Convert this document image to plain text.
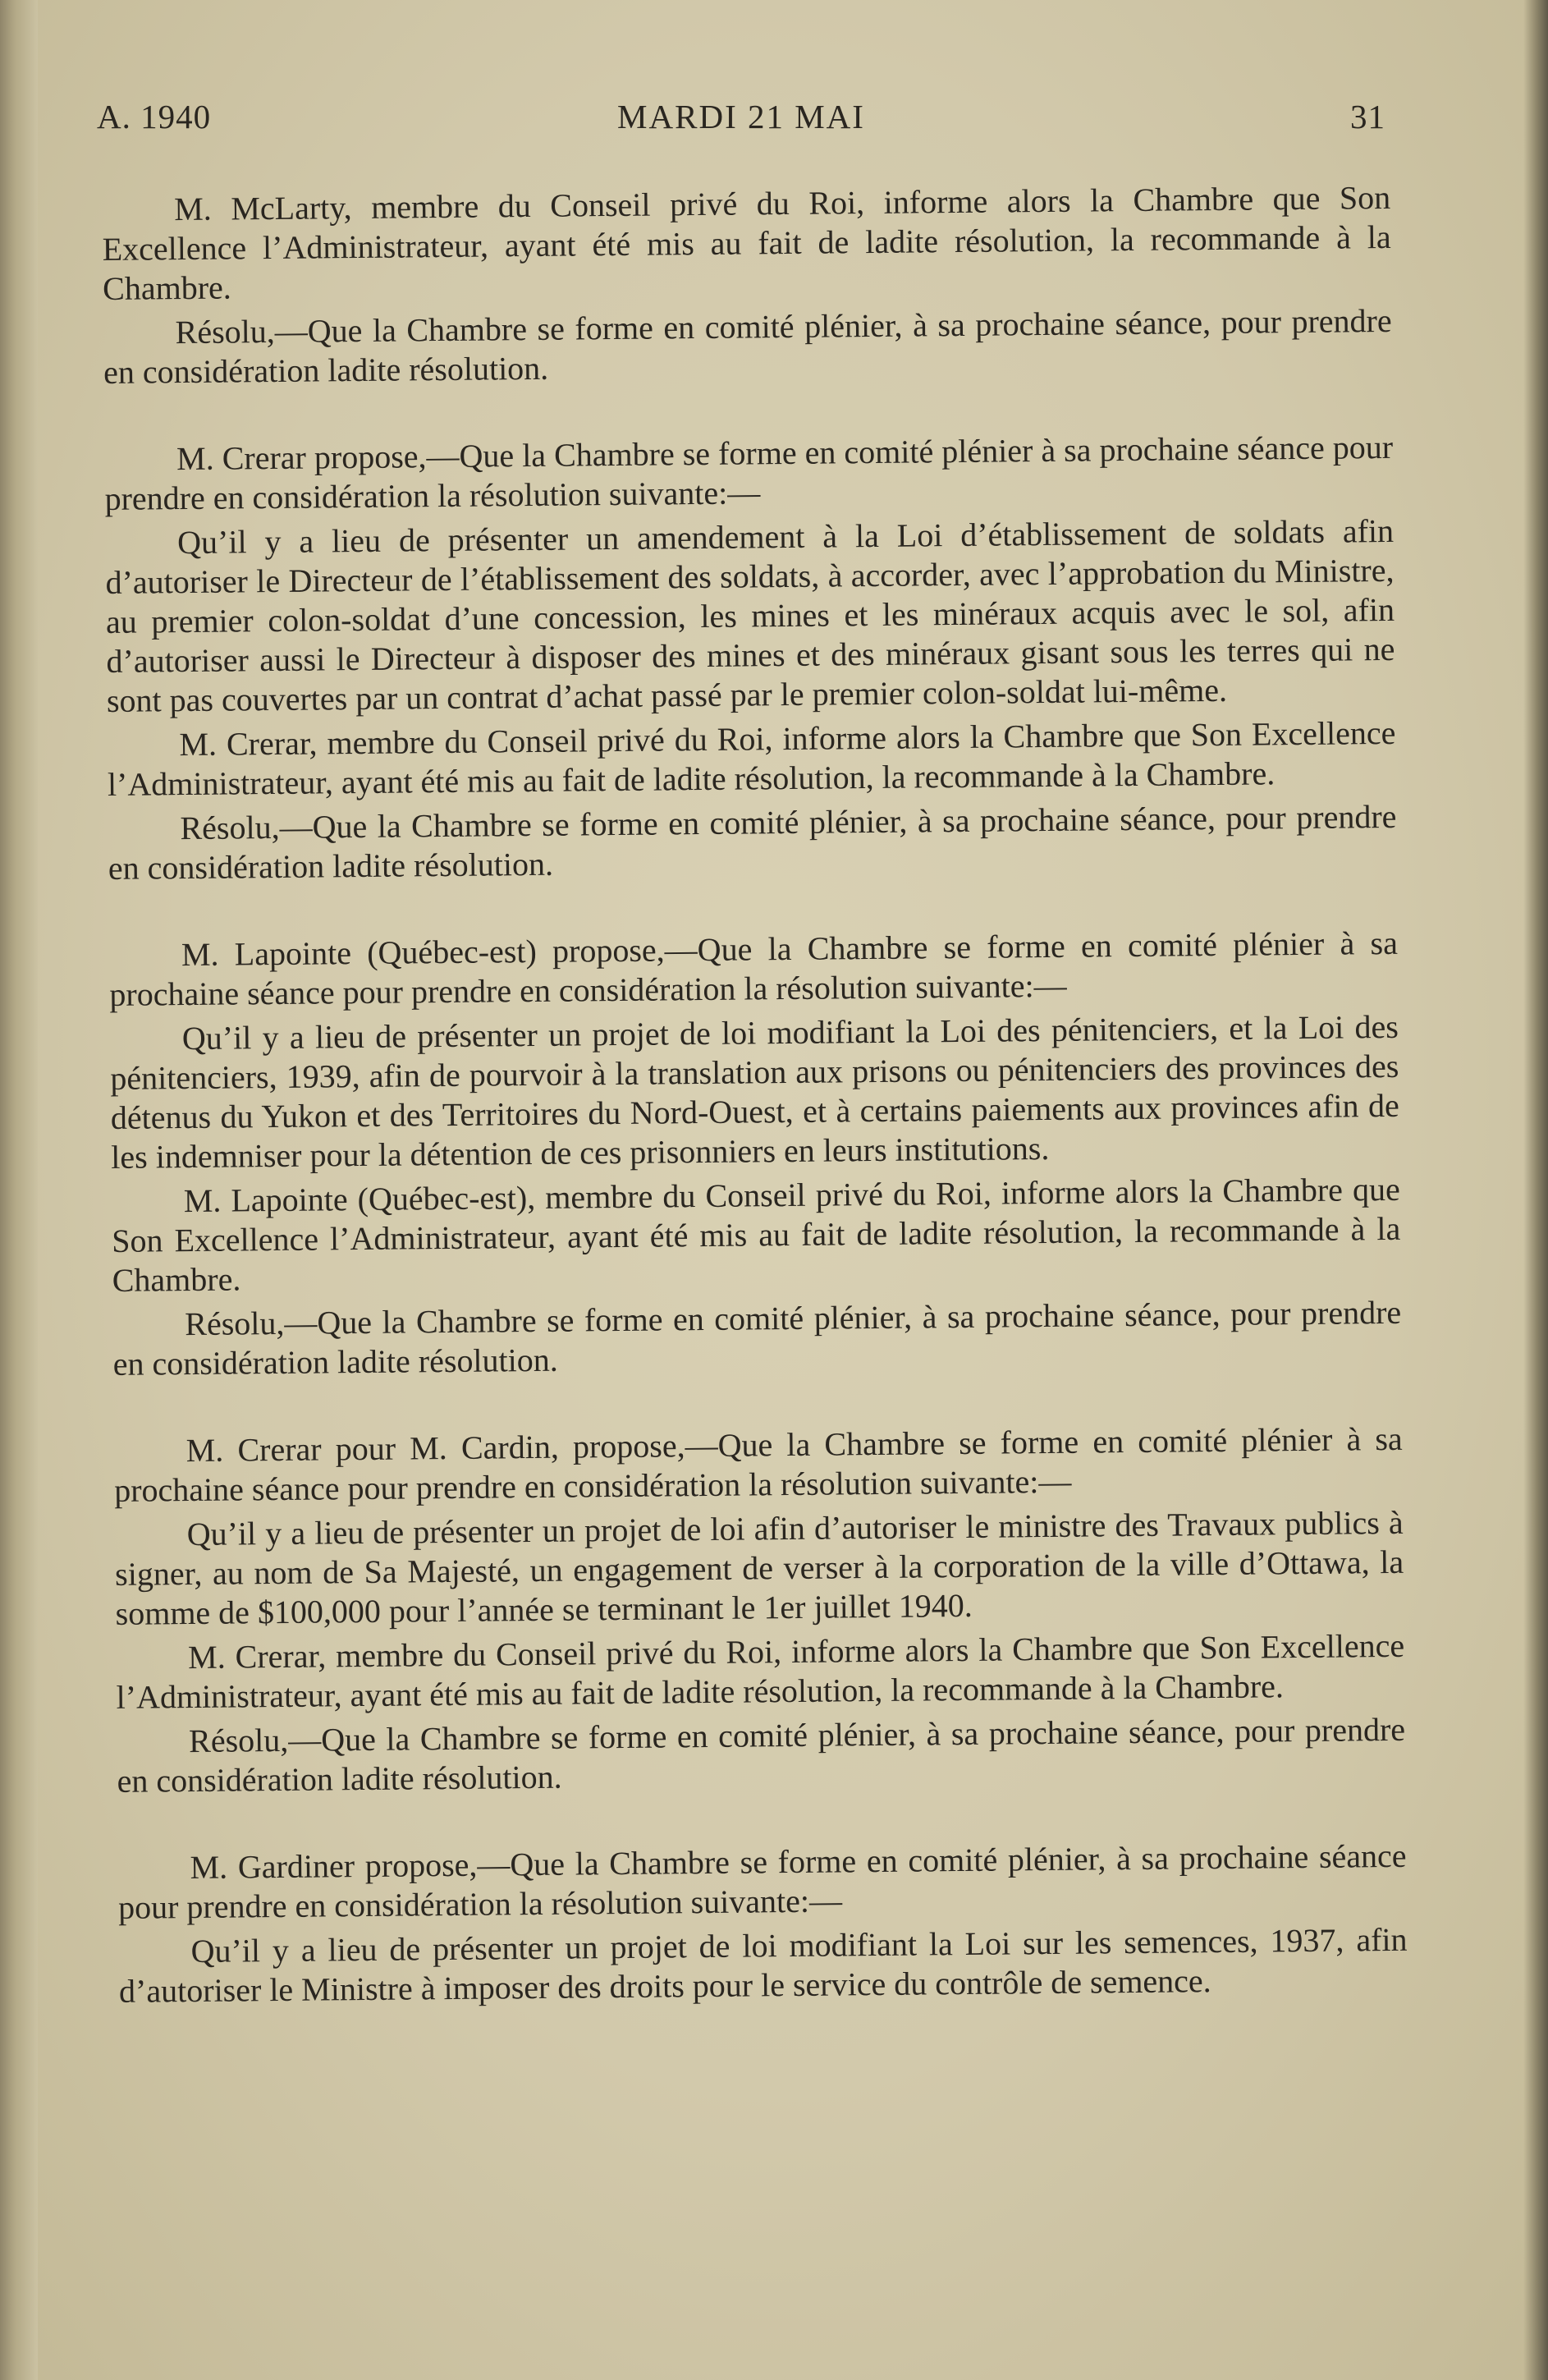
MARDI 21 MAI
A. 1940	31

M. McLarty, membre du Conseil privé du Roi, informe alors la Chambre que Son Excellence l’Administrateur, ayant été mis au fait de ladite résolution, la recommande à la Chambre.

Résolu,—Que la Chambre se forme en comité plénier, à sa prochaine séance, pour prendre en considération ladite résolution.

M. Crerar propose,—Que la Chambre se forme en comité plénier à sa prochaine séance pour prendre en considération la résolution suivante:—

Qu’il y a lieu de présenter un amendement à la Loi d’établissement de soldats afin d’autoriser le Directeur de l’établissement des soldats, à accorder, avec l’approbation du Ministre, au premier colon-soldat d’une concession, les mines et les minéraux acquis avec le sol, afin d’autoriser aussi le Directeur à disposer des mines et des minéraux gisant sous les terres qui ne sont pas couvertes par un contrat d’achat passé par le premier colon-soldat lui-même.

M. Crerar, membre du Conseil privé du Roi, informe alors la Chambre que Son Excellence l’Administrateur, ayant été mis au fait de ladite résolution, la recommande à la Chambre.

Résolu,—Que la Chambre se forme en comité plénier, à sa prochaine séance, pour prendre en considération ladite résolution.

M. Lapointe (Québec-est) propose,—Que la Chambre se forme en comité plénier à sa prochaine séance pour prendre en considération la résolution suivante:—

Qu’il y a lieu de présenter un projet de loi modifiant la Loi des pénitenciers, et la Loi des pénitenciers, 1939, afin de pourvoir à la translation aux prisons ou pénitenciers des provinces des détenus du Yukon et des Territoires du Nord-Ouest, et à certains paiements aux provinces afin de les indemniser pour la détention de ces prisonniers en leurs institutions.

M. Lapointe (Québec-est), membre du Conseil privé du Roi, informe alors la Chambre que Son Excellence l’Administrateur, ayant été mis au fait de ladite résolution, la recommande à la Chambre.

Résolu,—Que la Chambre se forme en comité plénier, à sa prochaine séance, pour prendre en considération ladite résolution.

M. Crerar pour M. Cardin, propose,—Que la Chambre se forme en comité plénier à sa prochaine séance pour prendre en considération la résolution suivante:—

Qu’il y a lieu de présenter un projet de loi afin d’autoriser le ministre des Travaux publics à signer, au nom de Sa Majesté, un engagement de verser à la corporation de la ville d’Ottawa, la somme de $100,000 pour l’année se terminant le 1er juillet 1940.

M. Crerar, membre du Conseil privé du Roi, informe alors la Chambre que Son Excellence l’Administrateur, ayant été mis au fait de ladite résolution, la recommande à la Chambre.

Résolu,—Que la Chambre se forme en comité plénier, à sa prochaine séance, pour prendre en considération ladite résolution.

M. Gardiner propose,—Que la Chambre se forme en comité plénier, à sa prochaine séance pour prendre en considération la résolution suivante:—

Qu’il y a lieu de présenter un projet de loi modifiant la Loi sur les semences, 1937, afin d’autoriser le Ministre à imposer des droits pour le service du contrôle de semence.
